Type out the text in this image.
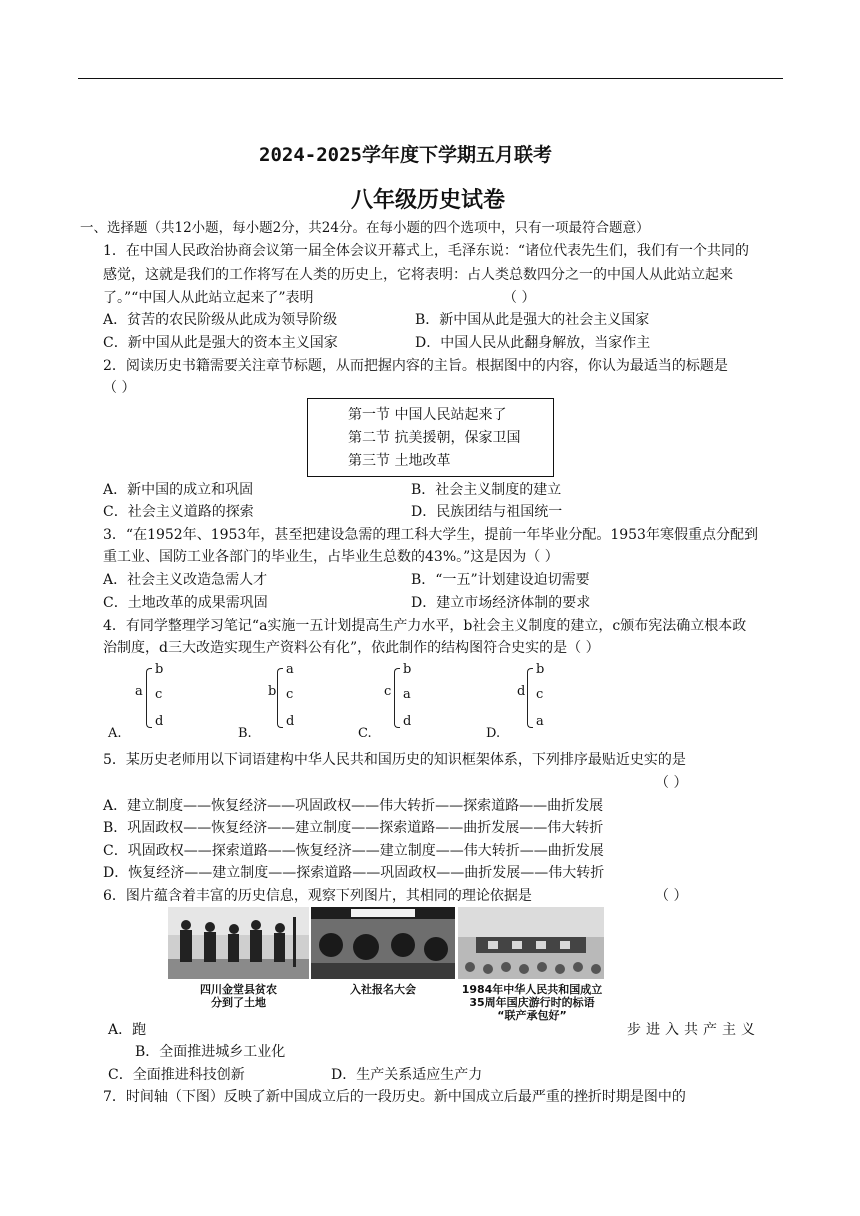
2024-2025学年度下学期五月联考
八年级历史试卷
一、选择题（共12小题，每小题2分，共24分。在每小题的四个选项中，只有一项最符合题意）
1．在中国人民政治协商会议第一届全体会议开幕式上，毛泽东说：“诸位代表先生们，我们有一个共同的
感觉，这就是我们的工作将写在人类的历史上，它将表明：占人类总数四分之一的中国人从此站立起来
了。”“中国人从此站立起来了”表明	（ ）
A．贫苦的农民阶级从此成为领导阶级	B．新中国从此是强大的社会主义国家
C．新中国从此是强大的资本主义国家	D．中国人民从此翻身解放，当家作主
2．阅读历史书籍需要关注章节标题，从而把握内容的主旨。根据图中的内容，你认为最适当的标题是
（ ）
第一节 中国人民站起来了
第二节 抗美援朝，保家卫国
第三节 土地改革
A．新中国的成立和巩固	B．社会主义制度的建立
C．社会主义道路的探索	D．民族团结与祖国统一
3．“在1952年、1953年，甚至把建设急需的理工科大学生，提前一年毕业分配。1953年寒假重点分配到
重工业、国防工业各部门的毕业生，占毕业生总数的43%。”这是因为（ ）
A．社会主义改造急需人才	B．“一五”计划建设迫切需要
C．土地改革的成果需巩固	D．建立市场经济体制的要求
4．有同学整理学习笔记“a实施一五计划提高生产力水平，b社会主义制度的建立，c颁布宪法确立根本政
治制度，d三大改造实现生产资料公有化”，依此制作的结构图符合史实的是（ ）
A.
a
b
c
d
B.
b
a
c
d
C.
c
b
a
d
D.
d
b
c
a
5．某历史老师用以下词语建构中华人民共和国历史的知识框架体系，下列排序最贴近史实的是
（ ）
A．建立制度——恢复经济——巩固政权——伟大转折——探索道路——曲折发展
B．巩固政权——恢复经济——建立制度——探索道路——曲折发展——伟大转折
C．巩固政权——探索道路——恢复经济——建立制度——伟大转折——曲折发展
D．恢复经济——建立制度——探索道路——巩固政权——曲折发展——伟大转折
6．图片蕴含着丰富的历史信息，观察下列图片，其相同的理论依据是	（ ）
四川金堂县贫农
分到了土地
入社报名大会	1984年中华人民共和国成立
35周年国庆游行时的标语
“联产承包好”
A．跑	步进入共产主义
B．全面推进城乡工业化
C．全面推进科技创新	D．生产关系适应生产力
7．时间轴（下图）反映了新中国成立后的一段历史。新中国成立后最严重的挫折时期是图中的
